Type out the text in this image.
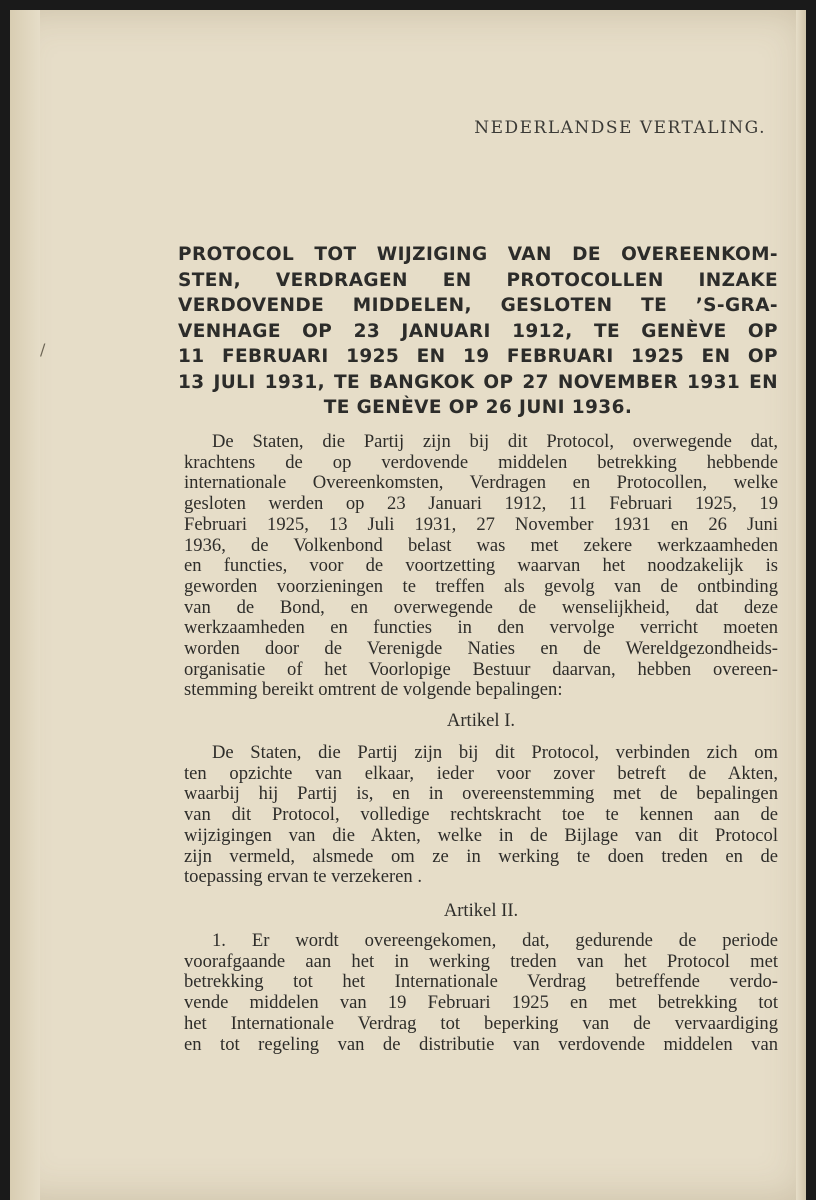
/
NEDERLANDSE VERTALING.
PROTOCOL TOT WIJZIGING VAN DE OVEREENKOM-
STEN, VERDRAGEN EN PROTOCOLLEN INZAKE
VERDOVENDE MIDDELEN, GESLOTEN TE ’S-GRA-
VENHAGE OP 23 JANUARI 1912, TE GENÈVE OP
11 FEBRUARI 1925 EN 19 FEBRUARI 1925 EN OP
13 JULI 1931, TE BANGKOK OP 27 NOVEMBER 1931 EN
TE GENÈVE OP 26 JUNI 1936.
De Staten, die Partij zijn bij dit Protocol, overwegende dat,
krachtens de op verdovende middelen betrekking hebbende
internationale Overeenkomsten, Verdragen en Protocollen, welke
gesloten werden op 23 Januari 1912, 11 Februari 1925, 19
Februari 1925, 13 Juli 1931, 27 November 1931 en 26 Juni
1936, de Volkenbond belast was met zekere werkzaamheden
en functies, voor de voortzetting waarvan het noodzakelijk is
geworden voorzieningen te treffen als gevolg van de ontbinding
van de Bond, en overwegende de wenselijkheid, dat deze
werkzaamheden en functies in den vervolge verricht moeten
worden door de Verenigde Naties en de Wereldgezondheids-
organisatie of het Voorlopige Bestuur daarvan, hebben overeen-
stemming bereikt omtrent de volgende bepalingen:
Artikel I.
De Staten, die Partij zijn bij dit Protocol, verbinden zich om
ten opzichte van elkaar, ieder voor zover betreft de Akten,
waarbij hij Partij is, en in overeenstemming met de bepalingen
van dit Protocol, volledige rechtskracht toe te kennen aan de
wijzigingen van die Akten, welke in de Bijlage van dit Protocol
zijn vermeld, alsmede om ze in werking te doen treden en de
toepassing ervan te verzekeren .
Artikel II.
1. Er wordt overeengekomen, dat, gedurende de periode
voorafgaande aan het in werking treden van het Protocol met
betrekking tot het Internationale Verdrag betreffende verdo-
vende middelen van 19 Februari 1925 en met betrekking tot
het Internationale Verdrag tot beperking van de vervaardiging
en tot regeling van de distributie van verdovende middelen van
